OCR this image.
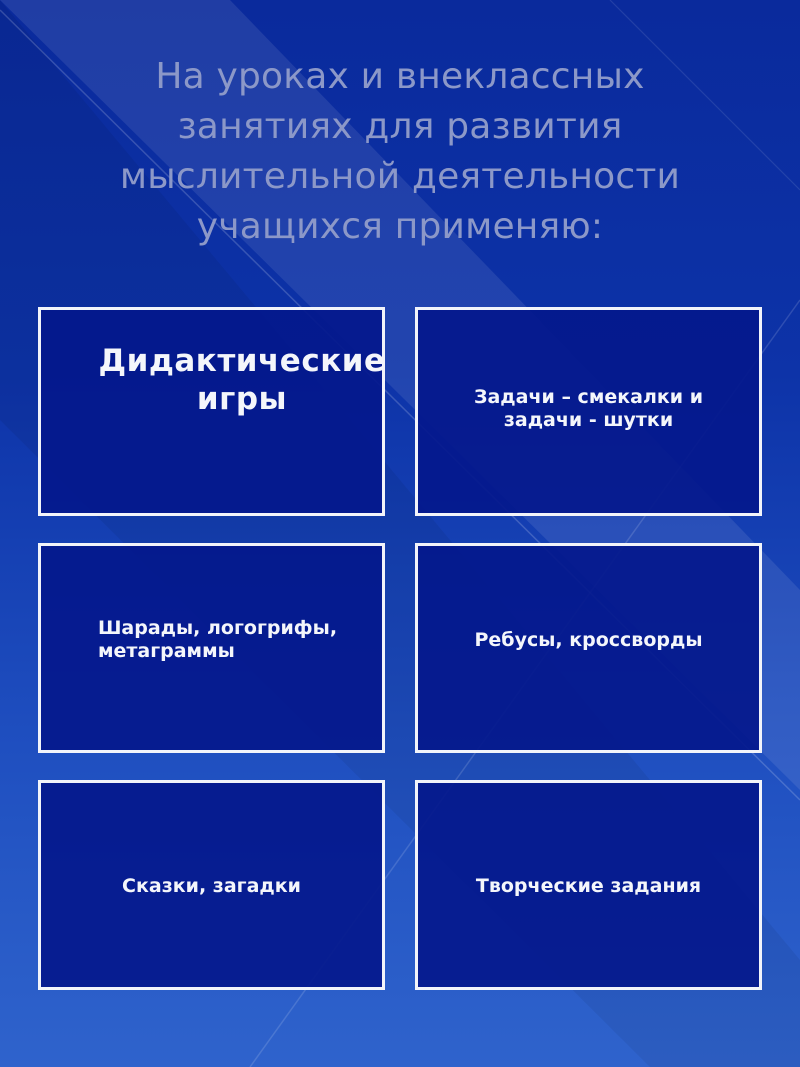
На уроках и внеклассных
занятиях для развития
мыслительной деятельности
учащихся применяю:
Дидактические
игры	Задачи – смекалки и
задачи - шутки
Шарады, логогрифы,
метаграммы
Ребусы, кроссворды
Сказки, загадки	Творческие задания
